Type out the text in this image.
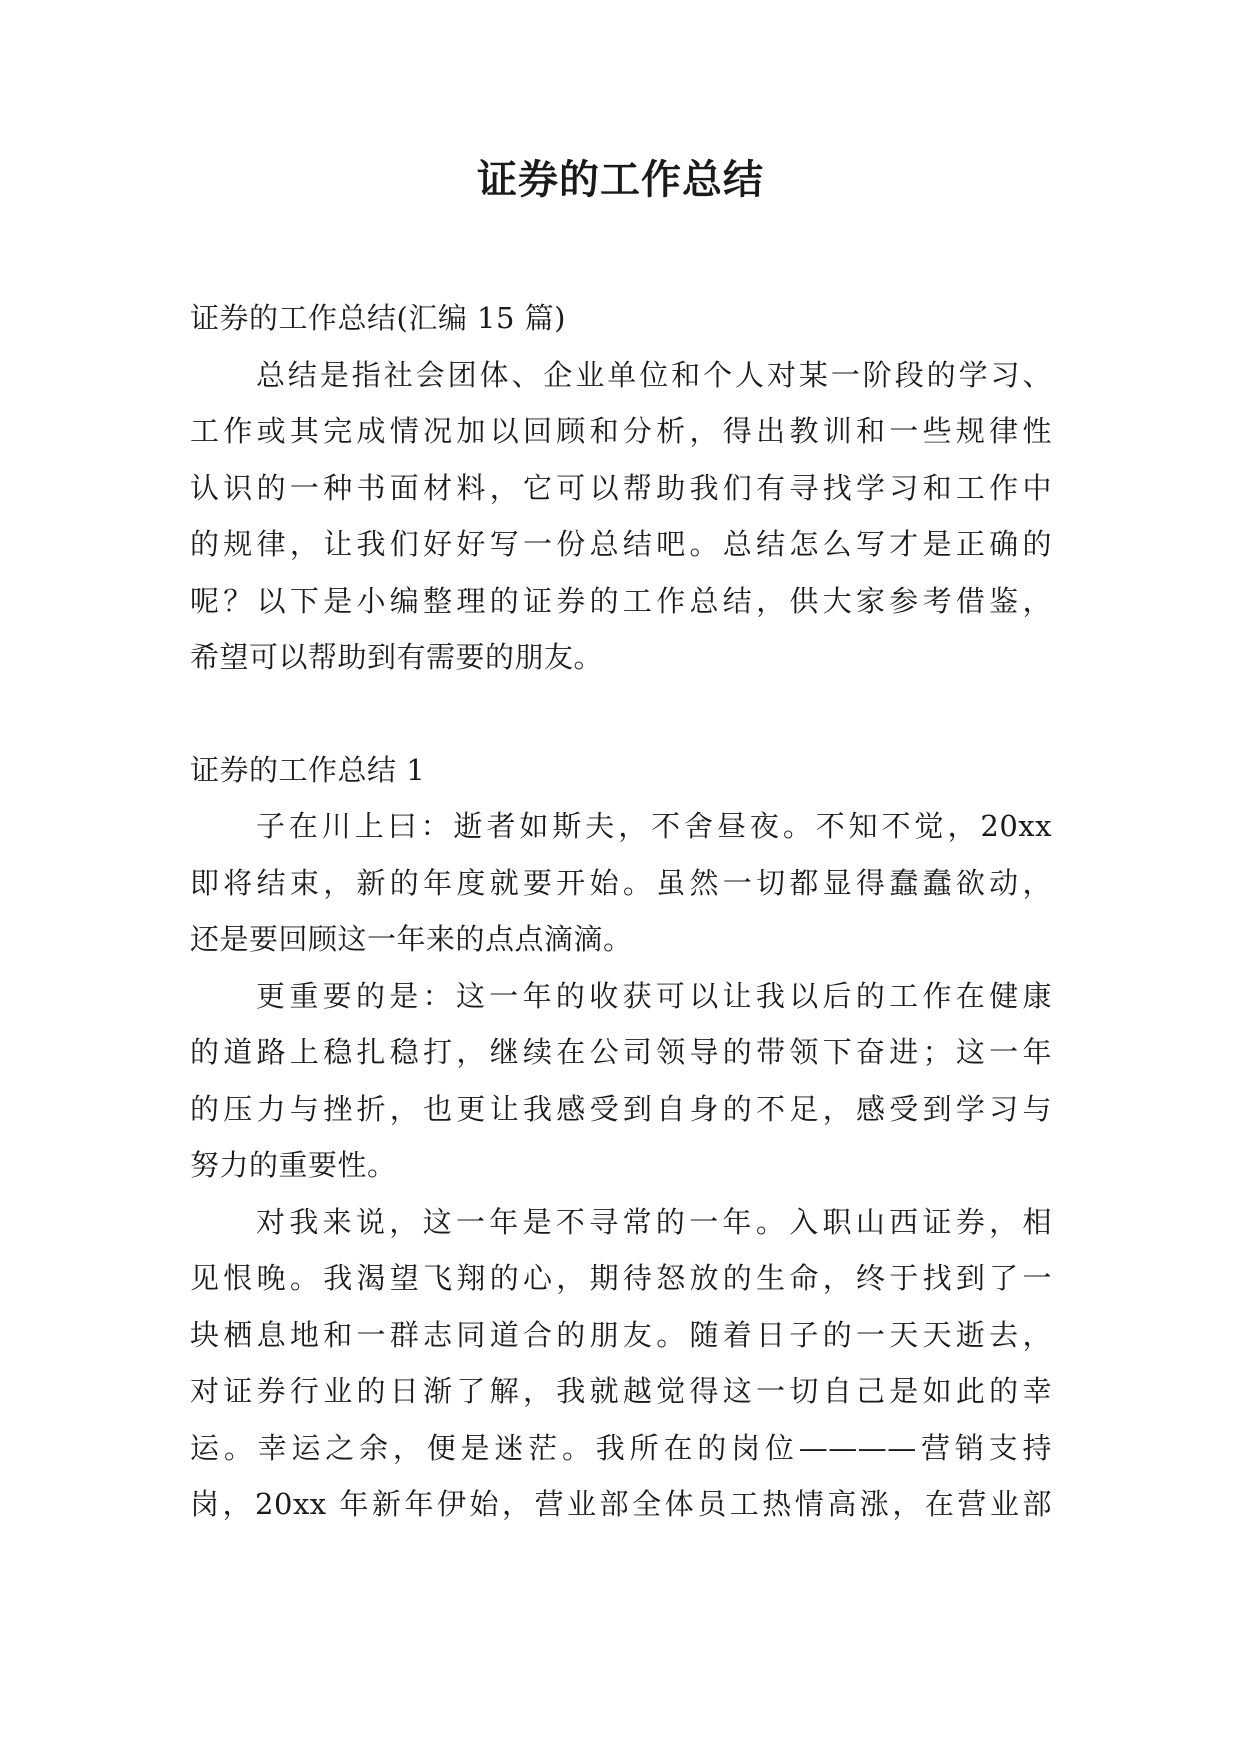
证券的工作总结

证券的工作总结(汇编 15 篇)

总结是指社会团体、企业单位和个人对某一阶段的学习、

工作或其完成情况加以回顾和分析，得出教训和一些规律性

认识的一种书面材料，它可以帮助我们有寻找学习和工作中

的规律，让我们好好写一份总结吧。总结怎么写才是正确的

呢？以下是小编整理的证券的工作总结，供大家参考借鉴，

希望可以帮助到有需要的朋友。

证券的工作总结 1

子在川上曰：逝者如斯夫，不舍昼夜。不知不觉，20xx

即将结束，新的年度就要开始。虽然一切都显得蠢蠢欲动，

还是要回顾这一年来的点点滴滴。

更重要的是：这一年的收获可以让我以后的工作在健康

的道路上稳扎稳打，继续在公司领导的带领下奋进；这一年

的压力与挫折，也更让我感受到自身的不足，感受到学习与

努力的重要性。

对我来说，这一年是不寻常的一年。入职山西证券，相

见恨晚。我渴望飞翔的心，期待怒放的生命，终于找到了一

块栖息地和一群志同道合的朋友。随着日子的一天天逝去，

对证券行业的日渐了解，我就越觉得这一切自己是如此的幸

运。幸运之余，便是迷茫。我所在的岗位————营销支持

岗，20xx 年新年伊始，营业部全体员工热情高涨，在营业部
